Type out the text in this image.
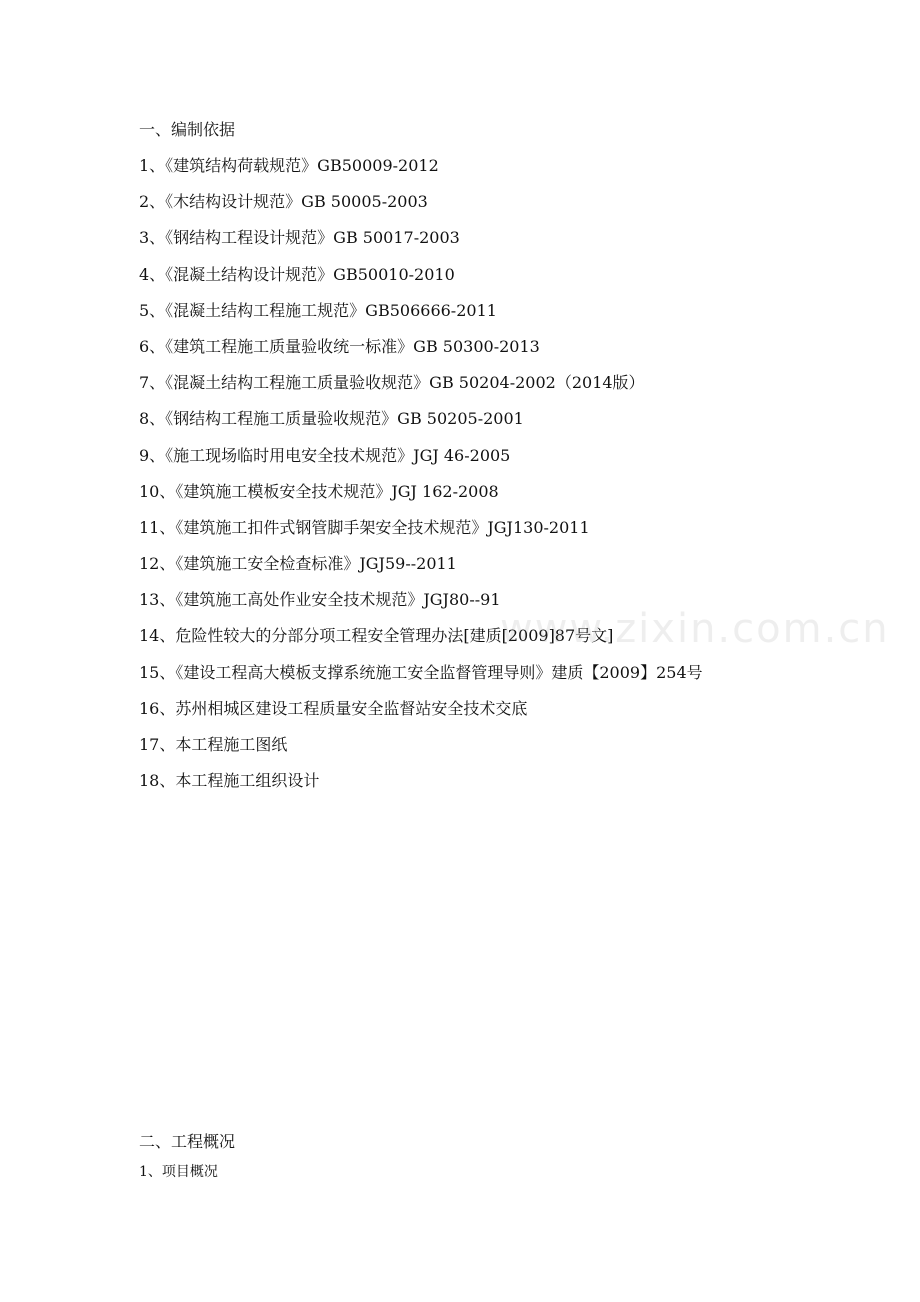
一、编制依据
1、《建筑结构荷载规范》GB50009-2012
2、《木结构设计规范》GB 50005-2003
3、《钢结构工程设计规范》GB 50017-2003
4、《混凝土结构设计规范》GB50010-2010
5、《混凝土结构工程施工规范》GB506666-2011
6、《建筑工程施工质量验收统一标准》GB 50300-2013
7、《混凝土结构工程施工质量验收规范》GB 50204-2002（2014版）
8、《钢结构工程施工质量验收规范》GB 50205-2001
9、《施工现场临时用电安全技术规范》JGJ 46-2005
10、《建筑施工模板安全技术规范》JGJ 162-2008
11、《建筑施工扣件式钢管脚手架安全技术规范》JGJ130-2011
12、《建筑施工安全检查标准》JGJ59--2011
13、《建筑施工高处作业安全技术规范》JGJ80--91
14、危险性较大的分部分项工程安全管理办法[建质[2009]87号文]
15、《建设工程高大模板支撑系统施工安全监督管理导则》建质【2009】254号
16、苏州相城区建设工程质量安全监督站安全技术交底
17、本工程施工图纸
18、本工程施工组织设计
www.zixin.com.cn
二、工程概况
1、项目概况
